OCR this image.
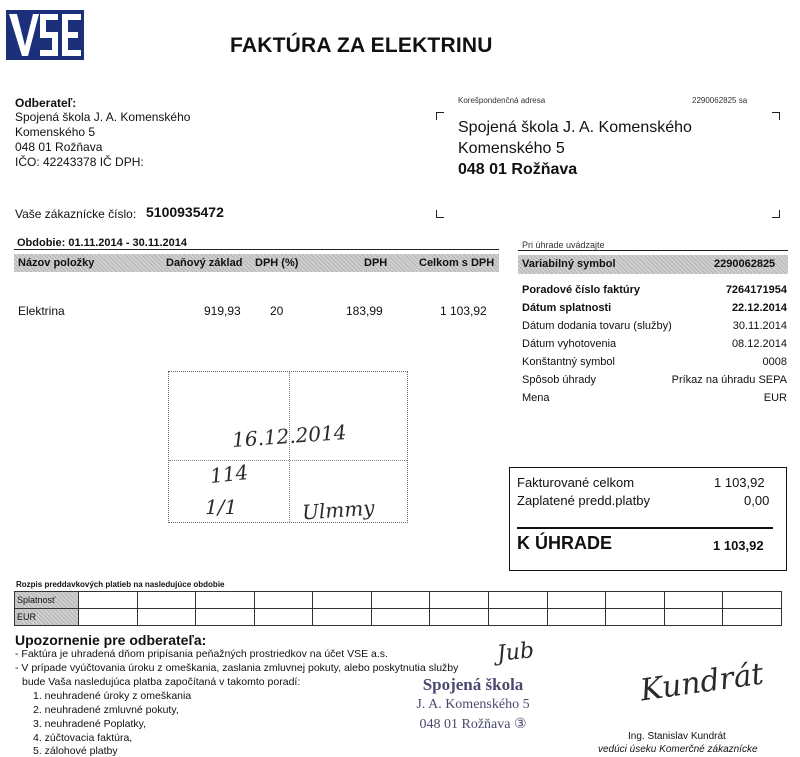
FAKTÚRA ZA ELEKTRINU
Odberateľ:
Spojená škola J. A. Komenského
Komenského 5
048 01 Rožňava
IČO: 42243378 IČ DPH:
Vaše zákaznícke číslo: 5100935472
Korešpondenčná adresa	2290062825 sa
Spojená škola J. A. Komenského
Komenského 5
048 01 Rožňava
Obdobie: 01.11.2014 - 30.11.2014
Názov položky	Daňový základ DPH (%)	DPH	Celkom s DPH
Elektrina	919,93 20	183,99	1 103,92
Pri úhrade uvádzajte
Variabilný symbol	2290062825
Poradové číslo faktúry	7264171954
Dátum splatnosti	22.12.2014
Dátum dodania tovaru (služby)	30.11.2014
Dátum vyhotovenia	08.12.2014
Konštantný symbol	0008
Spôsob úhrady	Príkaz na úhradu SEPA
Mena	EUR
16.12.2014
114
1/1	Ulmmy
Fakturované celkom	1 103,92
Zaplatené predd.platby	0,00
K ÚHRADE	1 103,92
Rozpis preddavkových platieb na nasledujúce obdobie
Splatnosť												
EUR												
Upozornenie pre odberateľa:
- Faktúra je uhradená dňom pripísania peňažných prostriedkov na účet VSE a.s.
- V prípade vyúčtovania úroku z omeškania, zaslania zmluvnej pokuty, alebo poskytnutia služby
bude Vaša nasledujúca platba započítaná v takomto poradí:
1. neuhradené úroky z omeškania
2. neuhradené zmluvné pokuty,
3. neuhradené Poplatky,
4. zúčtovacia faktúra,
5. zálohové platby
Jub
Spojená škola
J. A. Komenského 5
048 01 Rožňava ③
Kundrát
Ing. Stanislav Kundrát
vedúci úseku Komerčné zákaznícke
